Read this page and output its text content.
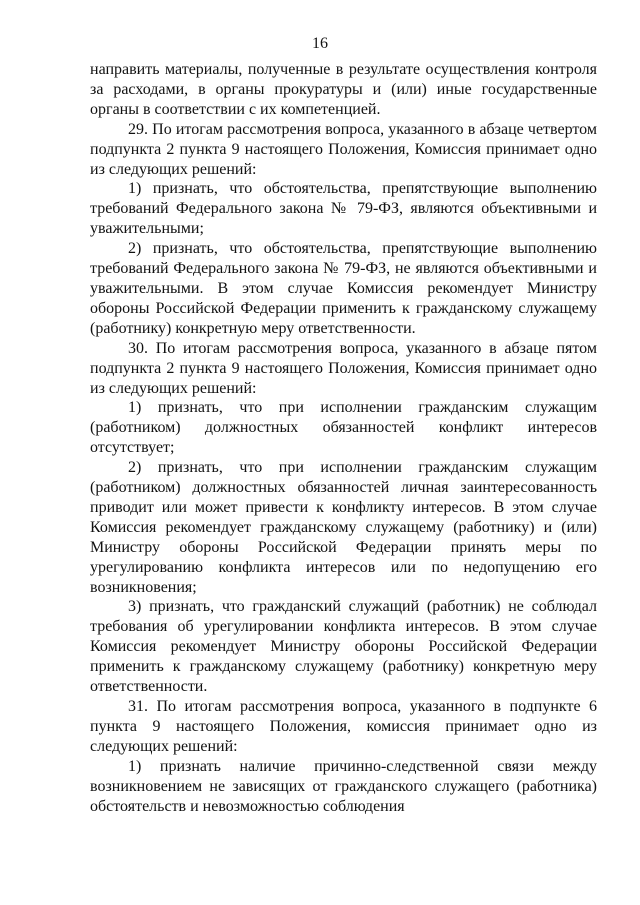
16

направить материалы, полученные в результате осуществления контроля за расходами, в органы прокуратуры и (или) иные государственные органы в соответствии с их компетенцией.

29. По итогам рассмотрения вопроса, указанного в абзаце четвертом подпункта 2 пункта 9 настоящего Положения, Комиссия принимает одно из следующих решений:

1) признать, что обстоятельства, препятствующие выполнению требований Федерального закона № 79-ФЗ, являются объективными и уважительными;

2) признать, что обстоятельства, препятствующие выполнению требований Федерального закона № 79-ФЗ, не являются объективными и уважительными. В этом случае Комиссия рекомендует Министру обороны Российской Федерации применить к гражданскому служащему (работнику) конкретную меру ответственности.

30. По итогам рассмотрения вопроса, указанного в абзаце пятом подпункта 2 пункта 9 настоящего Положения, Комиссия принимает одно из следующих решений:

1) признать, что при исполнении гражданским служащим (работником) должностных обязанностей конфликт интересов отсутствует;

2) признать, что при исполнении гражданским служащим (работником) должностных обязанностей личная заинтересованность приводит или может привести к конфликту интересов. В этом случае Комиссия рекомендует гражданскому служащему (работнику) и (или) Министру обороны Российской Федерации принять меры по урегулированию конфликта интересов или по недопущению его возникновения;

3) признать, что гражданский служащий (работник) не соблюдал требования об урегулировании конфликта интересов. В этом случае Комиссия рекомендует Министру обороны Российской Федерации применить к гражданскому служащему (работнику) конкретную меру ответственности.

31. По итогам рассмотрения вопроса, указанного в подпункте 6 пункта 9 настоящего Положения, комиссия принимает одно из следующих решений:

1) признать наличие причинно-следственной связи между возникновением не зависящих от гражданского служащего (работника) обстоятельств и невозможностью соблюдения
